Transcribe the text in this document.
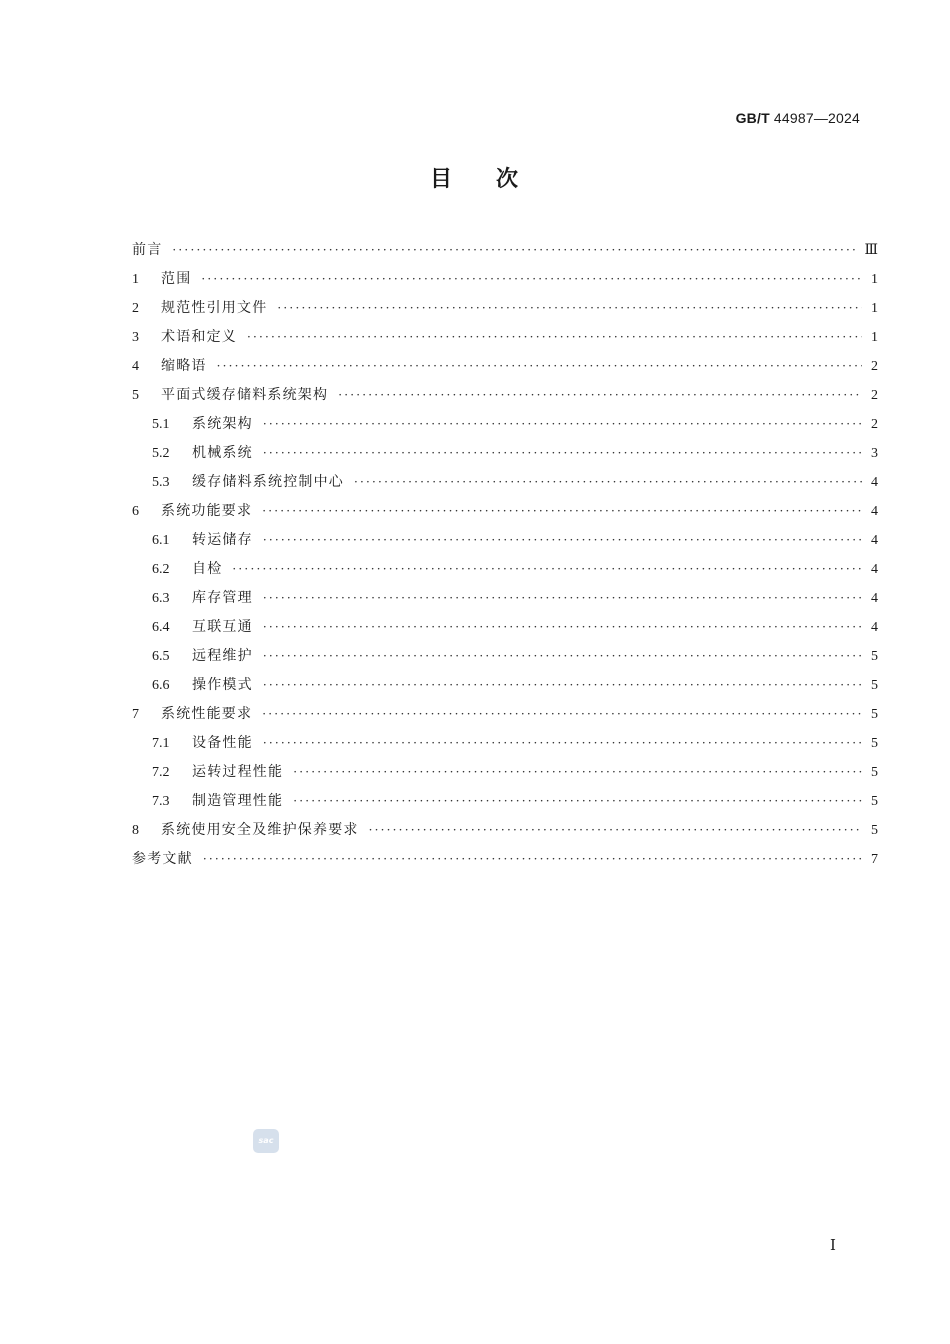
GB/T 44987—2024
目 次
前言 ·····	Ⅲ
1	范围 ·····	1
2	规范性引用文件 ·····	1
3	术语和定义 ·····	1
4	缩略语 ·····	2
5	平面式缓存储料系统架构 ·····	2
5.1	系统架构 ·····	2
5.2	机械系统 ·····	3
5.3	缓存储料系统控制中心 ·····	4
6	系统功能要求 ·····	4
6.1	转运储存 ·····	4
6.2	自检 ·····	4
6.3	库存管理 ·····	4
6.4	互联互通 ·····	4
6.5	远程维护 ·····	5
6.6	操作模式 ·····	5
7	系统性能要求 ·····	5
7.1	设备性能 ·····	5
7.2	运转过程性能 ·····	5
7.3	制造管理性能 ·····	5
8	系统使用安全及维护保养要求 ·····	5
参考文献 ·····	7
sac
Ⅰ
